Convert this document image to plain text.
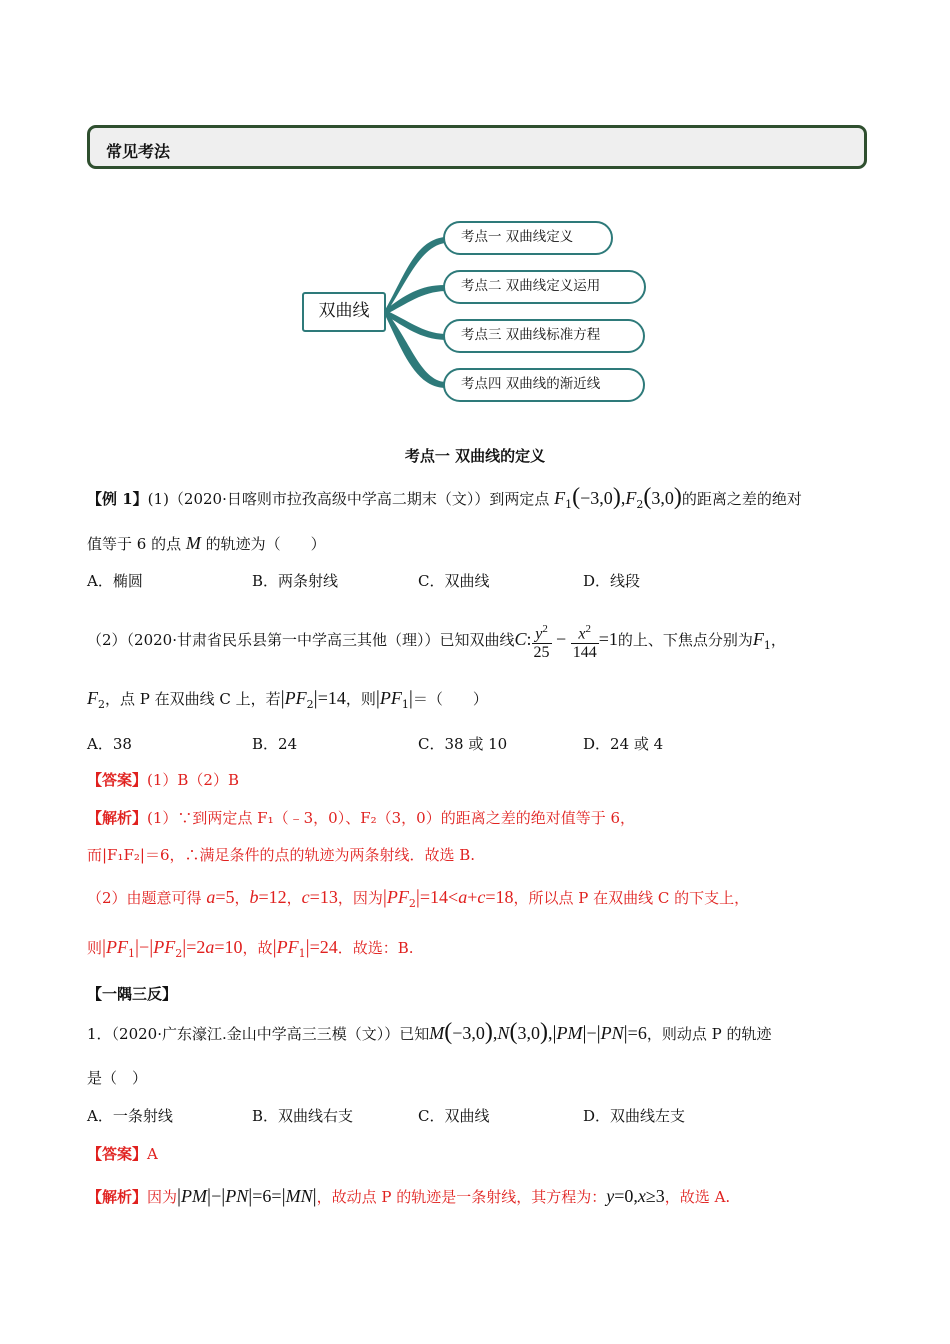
常见考法
双曲线
考点一 双曲线定义
考点二 双曲线定义运用
考点三 双曲线标准方程
考点四 双曲线的渐近线
考点一 双曲线的定义
【例 1】(1)（2020·日喀则市拉孜高级中学高二期末（文））到两定点 $F_1(-3,0),F_2(3,0)$的距离之差的绝对
值等于 6 的点 M 的轨迹为（　　）
A．椭圆	B．两条射线	C．双曲线	D．线段
（2）（2020·甘肃省民乐县第一中学高三其他（理））已知双曲线C: $\frac{y^2}{25} - \frac{x^2}{144} =1$的上、下焦点分别为$F_1$，
$F_2$，点 P 在双曲线 C 上，若$|PF_2|=14$，则$|PF_1|=$（　　）
A．38	B．24	C．38 或 10	D．24 或 4
【答案】(1）B（2）B
【解析】(1）∵到两定点 F₁（﹣3，0）、F₂（3，0）的距离之差的绝对值等于 6，
而|F₁F₂|＝6，∴满足条件的点的轨迹为两条射线．故选 B.
（2）由题意可得 a=5，b=12，c=13，因为$|PF_2|=14<a+c=18$，所以点 P 在双曲线 C 的下支上，
则$|PF_1|-|PF_2|=2a=10$，故$|PF_1|=24$．故选：B.
【一隅三反】
1．（2020·广东濠江.金山中学高三三模（文））已知M(−3,0),N(3,0),|PM|−|PN|=6，则动点 P 的轨迹
是（　）
A．一条射线	B．双曲线右支	C．双曲线	D．双曲线左支
【答案】A
【解析】因为|PM|−|PN|=6=|MN|，故动点 P 的轨迹是一条射线，其方程为：y=0,x≥3，故选 A.
